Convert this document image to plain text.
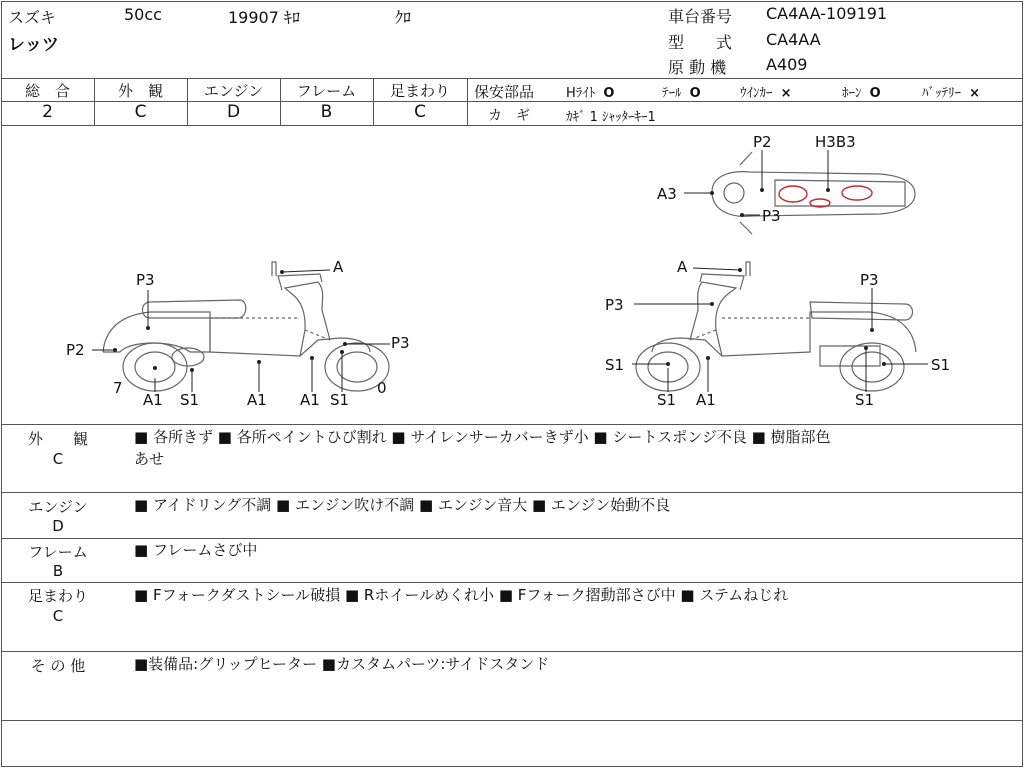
スズキ	50cc	19907 ｷﾛ	ｸﾛ
レッツ
車台番号 CA4AA-109191
型　　式 CA4AA
原 動 機 A409
総　合	外　観	エンジン	フレーム	足まわり
2	C	D	B	C
保安部品 Hﾗｲﾄ O	ﾃｰﾙ O	ｳｲﾝｶｰ ×	ﾎｰﾝ O	ﾊﾞｯﾃﾘｰ ×
カ　ギ	ｶｷﾞ 1 ｼｬｯﾀｰｷｰ1
A
P3
P2	P3
7	0
A1 S1	A1 A1 S1
A
P3
P3
S1	S1
S1 A1	S1
P2	H3B3
A3
P3
外　　観
C
■ 各所きず ■ 各所ペイントひび割れ ■ サイレンサーカバーきず小 ■ シートスポンジ不良 ■ 樹脂部色
あせ
エンジン
D
■ アイドリング不調 ■ エンジン吹け不調 ■ エンジン音大 ■ エンジン始動不良
フレーム
B
■ フレームさび中
足まわり
C
■ Fフォークダストシール破損 ■ Rホイールめくれ小 ■ Fフォーク摺動部さび中 ■ ステムねじれ
そ の 他	■装備品:グリップヒーター ■カスタムパーツ:サイドスタンド
